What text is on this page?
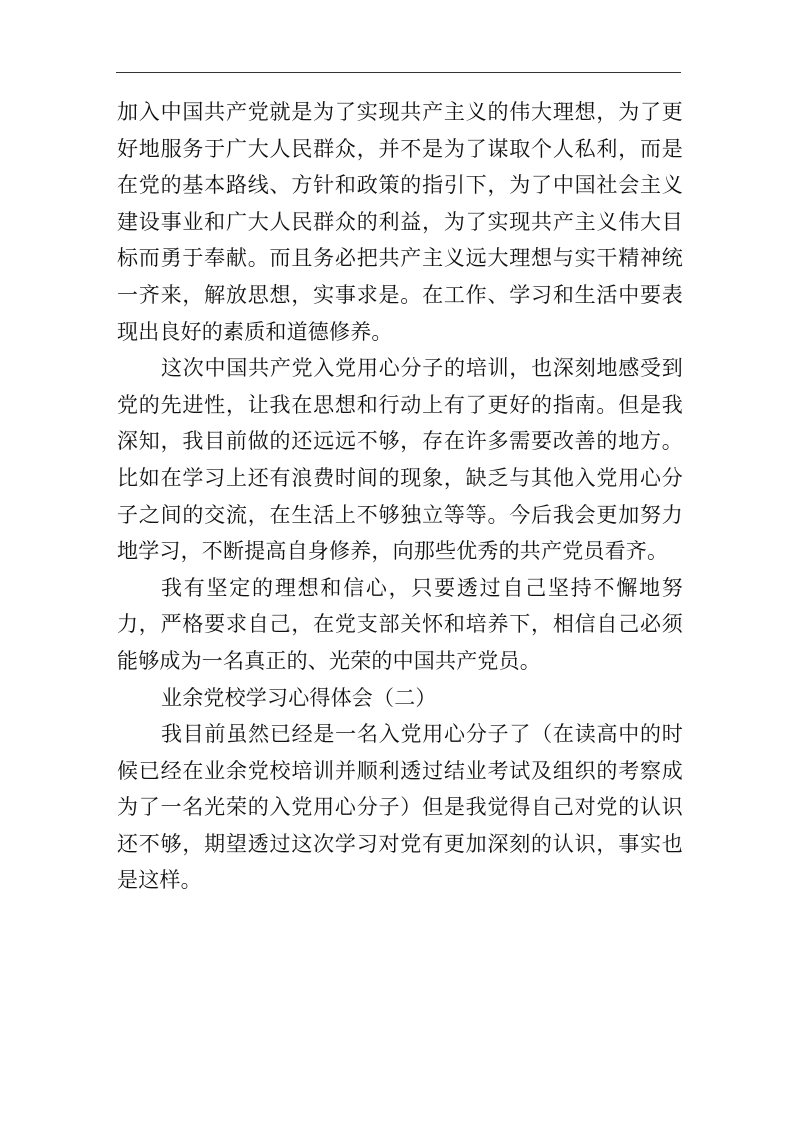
加入中国共产党就是为了实现共产主义的伟大理想，为了更好地服务于广大人民群众，并不是为了谋取个人私利，而是在党的基本路线、方针和政策的指引下，为了中国社会主义建设事业和广大人民群众的利益，为了实现共产主义伟大目标而勇于奉献。而且务必把共产主义远大理想与实干精神统一齐来，解放思想，实事求是。在工作、学习和生活中要表现出良好的素质和道德修养。

这次中国共产党入党用心分子的培训，也深刻地感受到党的先进性，让我在思想和行动上有了更好的指南。但是我深知，我目前做的还远远不够，存在许多需要改善的地方。比如在学习上还有浪费时间的现象，缺乏与其他入党用心分子之间的交流，在生活上不够独立等等。今后我会更加努力地学习，不断提高自身修养，向那些优秀的共产党员看齐。

我有坚定的理想和信心，只要透过自己坚持不懈地努力，严格要求自己，在党支部关怀和培养下，相信自己必须能够成为一名真正的、光荣的中国共产党员。

业余党校学习心得体会（二）

我目前虽然已经是一名入党用心分子了（在读高中的时候已经在业余党校培训并顺利透过结业考试及组织的考察成为了一名光荣的入党用心分子）但是我觉得自己对党的认识还不够，期望透过这次学习对党有更加深刻的认识，事实也是这样。
